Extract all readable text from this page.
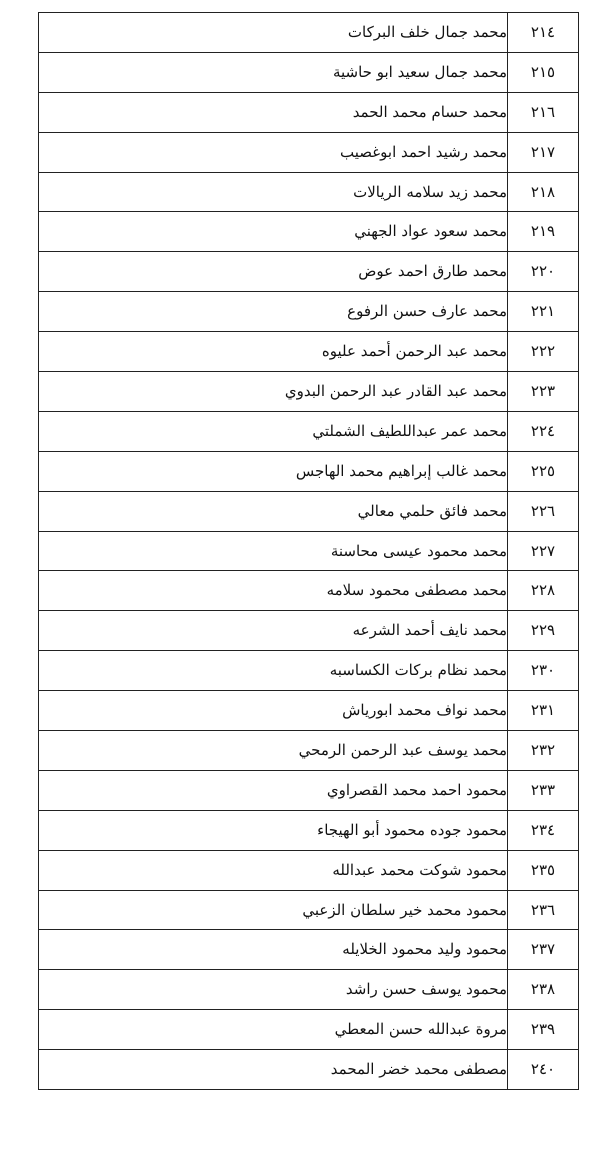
٢١٤	محمد جمال خلف البركات
٢١٥	محمد جمال سعيد ابو حاشية
٢١٦	محمد حسام محمد الحمد
٢١٧	محمد رشيد احمد ابوغصيب
٢١٨	محمد زيد سلامه الريالات
٢١٩	محمد سعود عواد الجهني
٢٢٠	محمد طارق احمد عوض
٢٢١	محمد عارف حسن الرفوع
٢٢٢	محمد عبد الرحمن أحمد عليوه
٢٢٣	محمد عبد القادر عبد الرحمن البدوي
٢٢٤	محمد عمر عبداللطيف الشملتي
٢٢٥	محمد غالب إبراهيم محمد الهاجس
٢٢٦	محمد فائق حلمي معالي
٢٢٧	محمد محمود عيسى محاسنة
٢٢٨	محمد مصطفى محمود سلامه
٢٢٩	محمد نايف أحمد الشرعه
٢٣٠	محمد نظام بركات الكساسبه
٢٣١	محمد نواف محمد ابورياش
٢٣٢	محمد يوسف عبد الرحمن الرمحي
٢٣٣	محمود احمد محمد القصراوي
٢٣٤	محمود جوده محمود أبو الهيجاء
٢٣٥	محمود شوكت محمد عبدالله
٢٣٦	محمود محمد خير سلطان الزعبي
٢٣٧	محمود وليد محمود الخلايله
٢٣٨	محمود يوسف حسن راشد
٢٣٩	مروة عبدالله حسن المعطي
٢٤٠	مصطفى محمد خضر المحمد
